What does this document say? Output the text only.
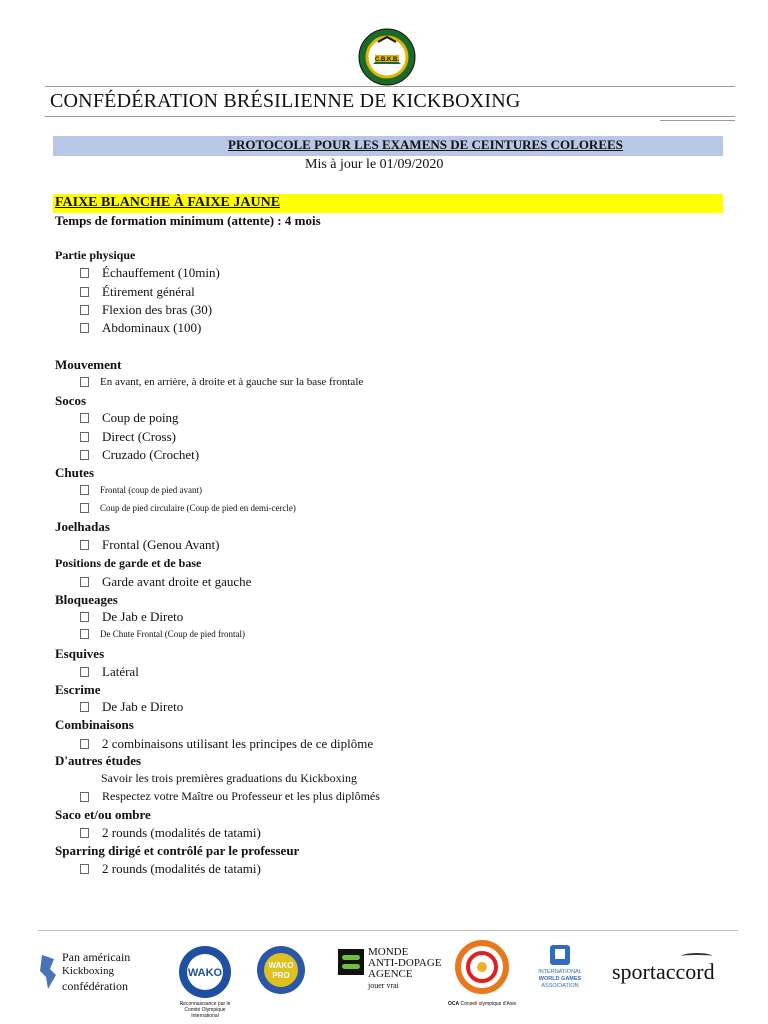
C.B.K.B.
CONFÉDÉRATION BRÉSILIENNE DE KICKBOXING
PROTOCOLE POUR LES EXAMENS DE CEINTURES COLOREES
Mis à jour le 01/09/2020
FAIXE BLANCHE À FAIXE JAUNE
Temps de formation minimum (attente) : 4 mois
Partie physique
Échauffement (10min)
Étirement général
Flexion des bras (30)
Abdominaux (100)
Mouvement
En avant, en arrière, à droite et à gauche sur la base frontale
Socos
Coup de poing
Direct (Cross)
Cruzado (Crochet)
Chutes
Frontal (coup de pied avant)
Coup de pied circulaire (Coup de pied en demi-cercle)
Joelhadas
Frontal (Genou Avant)
Positions de garde et de base
Garde avant droite et gauche
Bloqueages
De Jab e Direto
De Chute Frontal (Coup de pied frontal)
Esquives
Latéral
Escrime
De Jab e Direto
Combinaisons
2 combinaisons utilisant les principes de ce diplôme
D'autres études
Savoir les trois premières graduations du Kickboxing
Respectez votre Maître ou Professeur et les plus diplômés
Saco et/ou ombre
2 rounds (modalités de tatami)
Sparring dirigé et contrôlé par le professeur
2 rounds (modalités de tatami)
Pan américain
Kickboxing
confédération
WAKO
Reconnaissance par le
Comité Olympique International
WAKO
PRO
MONDE
ANTI-DOPAGE
AGENCE
jouer vrai
OCA Conseil olympique d'Asie
INTERNATIONAL
WORLD GAMES
ASSOCIATION
sportaccord
